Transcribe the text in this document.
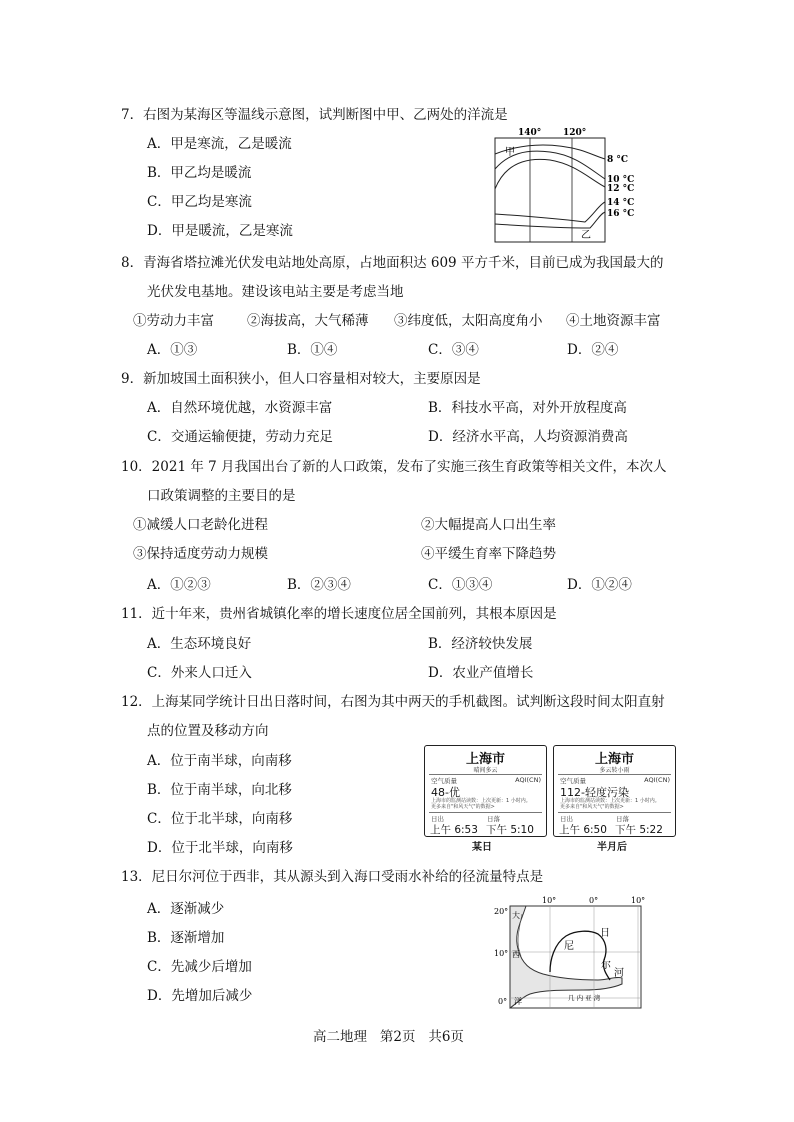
7．右图为某海区等温线示意图，试判断图中甲、乙两处的洋流是
A．甲是寒流，乙是暖流
B．甲乙均是暖流
C．甲乙均是寒流
D．甲是暖流，乙是寒流
140° 120°
甲
乙
8 °C
10 °C
12 °C
14 °C
16 °C
8．青海省塔拉滩光伏发电站地处高原，占地面积达 609 平方千米，目前已成为我国最大的
光伏发电基地。建设该电站主要是考虑当地
①劳动力丰富 ②海拔高，大气稀薄 ③纬度低，太阳高度角小 ④土地资源丰富
A．①③	B．①④	C．③④	D．②④
9．新加坡国土面积狭小，但人口容量相对较大，主要原因是
A．自然环境优越，水资源丰富	B．科技水平高，对外开放程度高
C．交通运输便捷，劳动力充足	D．经济水平高，人均资源消费高
10．2021 年 7 月我国出台了新的人口政策，发布了实施三孩生育政策等相关文件，本次人
口政策调整的主要目的是
①减缓人口老龄化进程	②大幅提高人口出生率
③保持适度劳动力规模	④平缓生育率下降趋势
A．①②③	B．②③④	C．①③④	D．①②④
11．近十年来，贵州省城镇化率的增长速度位居全国前列，其根本原因是
A．生态环境良好	B．经济较快发展
C．外来人口迁入	D．农业产值增长
12．上海某同学统计日出日落时间，右图为其中两天的手机截图。试判断这段时间太阳直射
点的位置及移动方向
A．位于南半球，向南移
B．位于南半球，向北移
C．位于北半球，向南移
D．位于北半球，向南移
上海市
晴间多云
空气质量	AQI(CN)
48-优
上海市的监测站读数：上次更新：1 小时内。
更多来自"和风天气"的数据>
日出	日落
上午 6:53 下午 5:10
某日
上海市
多云转小雨
空气质量	AQI(CN)
112-轻度污染
上海市的监测站读数：上次更新：1 小时内。
更多来自"和风天气"的数据>
日出	日落
上午 6:50 下午 5:22
半月后
13．尼日尔河位于西非，其从源头到入海口受雨水补给的径流量特点是
A．逐渐减少
B．逐渐增加
C．先减少后增加
D．先增加后减少
10°	0°	10°
20°
10°
0°
大
西
洋
尼
日
尔
河
几 内 亚 湾
高二地理   第2页   共6页
